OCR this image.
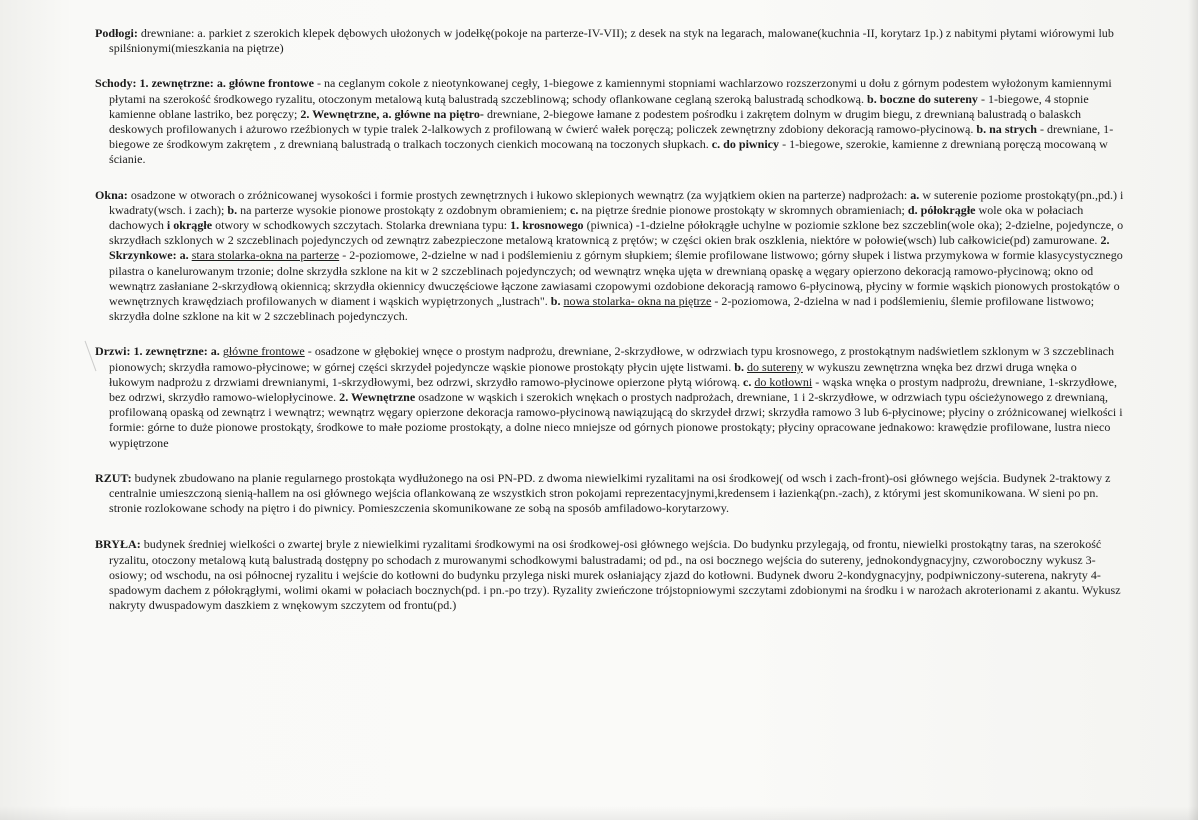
Podłogi: drewniane: a. parkiet z szerokich klepek dębowych ułożonych w jodełkę(pokoje na parterze-IV-VII); z desek na styk na legarach, malowane(kuchnia -II, korytarz 1p.) z nabitymi płytami wiórowymi lub spilśnionymi(mieszkania na piętrze)

Schody: 1. zewnętrzne: a. główne frontowe - na ceglanym cokole z nieotynkowanej cegły, 1-biegowe z kamiennymi stopniami wachlarzowo rozszerzonymi u dołu z górnym podestem wyłożonym kamiennymi płytami na szerokość środkowego ryzalitu, otoczonym metalową kutą balustradą szczeblinową; schody oflankowane ceglaną szeroką balustradą schodkową. b. boczne do sutereny - 1-biegowe, 4 stopnie kamienne oblane lastriko, bez poręczy; 2. Wewnętrzne, a. główne na piętro- drewniane, 2-biegowe łamane z podestem pośrodku i zakrętem dolnym w drugim biegu, z drewnianą balustradą o balaskch deskowych profilowanych i ażurowo rzeźbionych w typie tralek 2-lalkowych z profilowaną w ćwierć wałek poręczą; policzek zewnętrzny zdobiony dekoracją ramowo-płycinową. b. na strych - drewniane, 1-biegowe ze środkowym zakrętem , z drewnianą balustradą o tralkach toczonych cienkich mocowaną na toczonych słupkach. c. do piwnicy - 1-biegowe, szerokie, kamienne z drewnianą poręczą mocowaną w ścianie.

Okna: osadzone w otworach o zróżnicowanej wysokości i formie prostych zewnętrznych i łukowo sklepionych wewnątrz (za wyjątkiem okien na parterze) nadprożach: a. w suterenie poziome prostokąty(pn.,pd.) i kwadraty(wsch. i zach); b. na parterze wysokie pionowe prostokąty z ozdobnym obramieniem; c. na piętrze średnie pionowe prostokąty w skromnych obramieniach; d. półokrągłe wole oka w połaciach dachowych i okrągłe otwory w schodkowych szczytach. Stolarka drewniana typu: 1. krosnowego (piwnica) -1-dzielne półokrągłe uchylne w poziomie szklone bez szczeblin(wole oka); 2-dzielne, pojedyncze, o skrzydłach szklonych w 2 szczeblinach pojedynczych od zewnątrz zabezpieczone metalową kratownicą z prętów; w części okien brak oszklenia, niektóre w połowie(wsch) lub całkowicie(pd) zamurowane. 2. Skrzynkowe: a. stara stolarka-okna na parterze - 2-poziomowe, 2-dzielne w nad i podślemieniu z górnym słupkiem; ślemie profilowane listwowo; górny słupek i listwa przymykowa w formie klasycystycznego pilastra o kanelurowanym trzonie; dolne skrzydła szklone na kit w 2 szczeblinach pojedynczych; od wewnątrz wnęka ujęta w drewnianą opaskę a węgary opierzono dekoracją ramowo-płycinową; okno od wewnątrz zasłaniane 2-skrzydłową okiennicą; skrzydła okiennicy dwuczęściowe łączone zawiasami czopowymi ozdobione dekoracją ramowo 6-płycinową, płyciny w formie wąskich pionowych prostokątów o wewnętrznych krawędziach profilowanych w diament i wąskich wypiętrzonych „lustrach". b. nowa stolarka- okna na piętrze - 2-poziomowa, 2-dzielna w nad i podślemieniu, ślemie profilowane listwowo; skrzydła dolne szklone na kit w 2 szczeblinach pojedynczych.

Drzwi: 1. zewnętrzne: a. główne frontowe - osadzone w głębokiej wnęce o prostym nadprożu, drewniane, 2-skrzydłowe, w odrzwiach typu krosnowego, z prostokątnym nadświetlem szklonym w 3 szczeblinach pionowych; skrzydła ramowo-płycinowe; w górnej części skrzydeł pojedyncze wąskie pionowe prostokąty płycin ujęte listwami. b. do sutereny w wykuszu zewnętrzna wnęka bez drzwi druga wnęka o łukowym nadprożu z drzwiami drewnianymi, 1-skrzydłowymi, bez odrzwi, skrzydło ramowo-płycinowe opierzone płytą wiórową. c. do kotłowni - wąska wnęka o prostym nadprożu, drewniane, 1-skrzydłowe, bez odrzwi, skrzydło ramowo-wielopłycinowe. 2. Wewnętrzne osadzone w wąskich i szerokich wnękach o prostych nadprożach, drewniane, 1 i 2-skrzydłowe, w odrzwiach typu ościeżynowego z drewnianą, profilowaną opaską od zewnątrz i wewnątrz; wewnątrz węgary opierzone dekoracja ramowo-płycinową nawiązującą do skrzydeł drzwi; skrzydła ramowo 3 lub 6-płycinowe; płyciny o zróżnicowanej wielkości i formie: górne to duże pionowe prostokąty, środkowe to małe poziome prostokąty, a dolne nieco mniejsze od górnych pionowe prostokąty; płyciny opracowane jednakowo: krawędzie profilowane, lustra nieco wypiętrzone

RZUT: budynek zbudowano na planie regularnego prostokąta wydłużonego na osi PN-PD. z dwoma niewielkimi ryzalitami na osi środkowej( od wsch i zach-front)-osi głównego wejścia. Budynek 2-traktowy z centralnie umieszczoną sienią-hallem na osi głównego wejścia oflankowaną ze wszystkich stron pokojami reprezentacyjnymi,kredensem i łazienką(pn.-zach), z którymi jest skomunikowana. W sieni po pn. stronie rozlokowane schody na piętro i do piwnicy. Pomieszczenia skomunikowane ze sobą na sposób amfiladowo-korytarzowy.

BRYŁA: budynek średniej wielkości o zwartej bryle z niewielkimi ryzalitami środkowymi na osi środkowej-osi głównego wejścia. Do budynku przylegają, od frontu, niewielki prostokątny taras, na szerokość ryzalitu, otoczony metalową kutą balustradą dostępny po schodach z murowanymi schodkowymi balustradami; od pd., na osi bocznego wejścia do sutereny, jednokondygnacyjny, czworoboczny wykusz 3-osiowy; od wschodu, na osi północnej ryzalitu i wejście do kotłowni do budynku przylega niski murek osłaniający zjazd do kotłowni. Budynek dworu 2-kondygnacyjny, podpiwniczony-suterena, nakryty 4-spadowym dachem z półokrągłymi, wolimi okami w połaciach bocznych(pd. i pn.-po trzy). Ryzality zwieńczone trójstopniowymi szczytami zdobionymi na środku i w narożach akroterionami z akantu. Wykusz nakryty dwuspadowym daszkiem z wnękowym szczytem od frontu(pd.)
